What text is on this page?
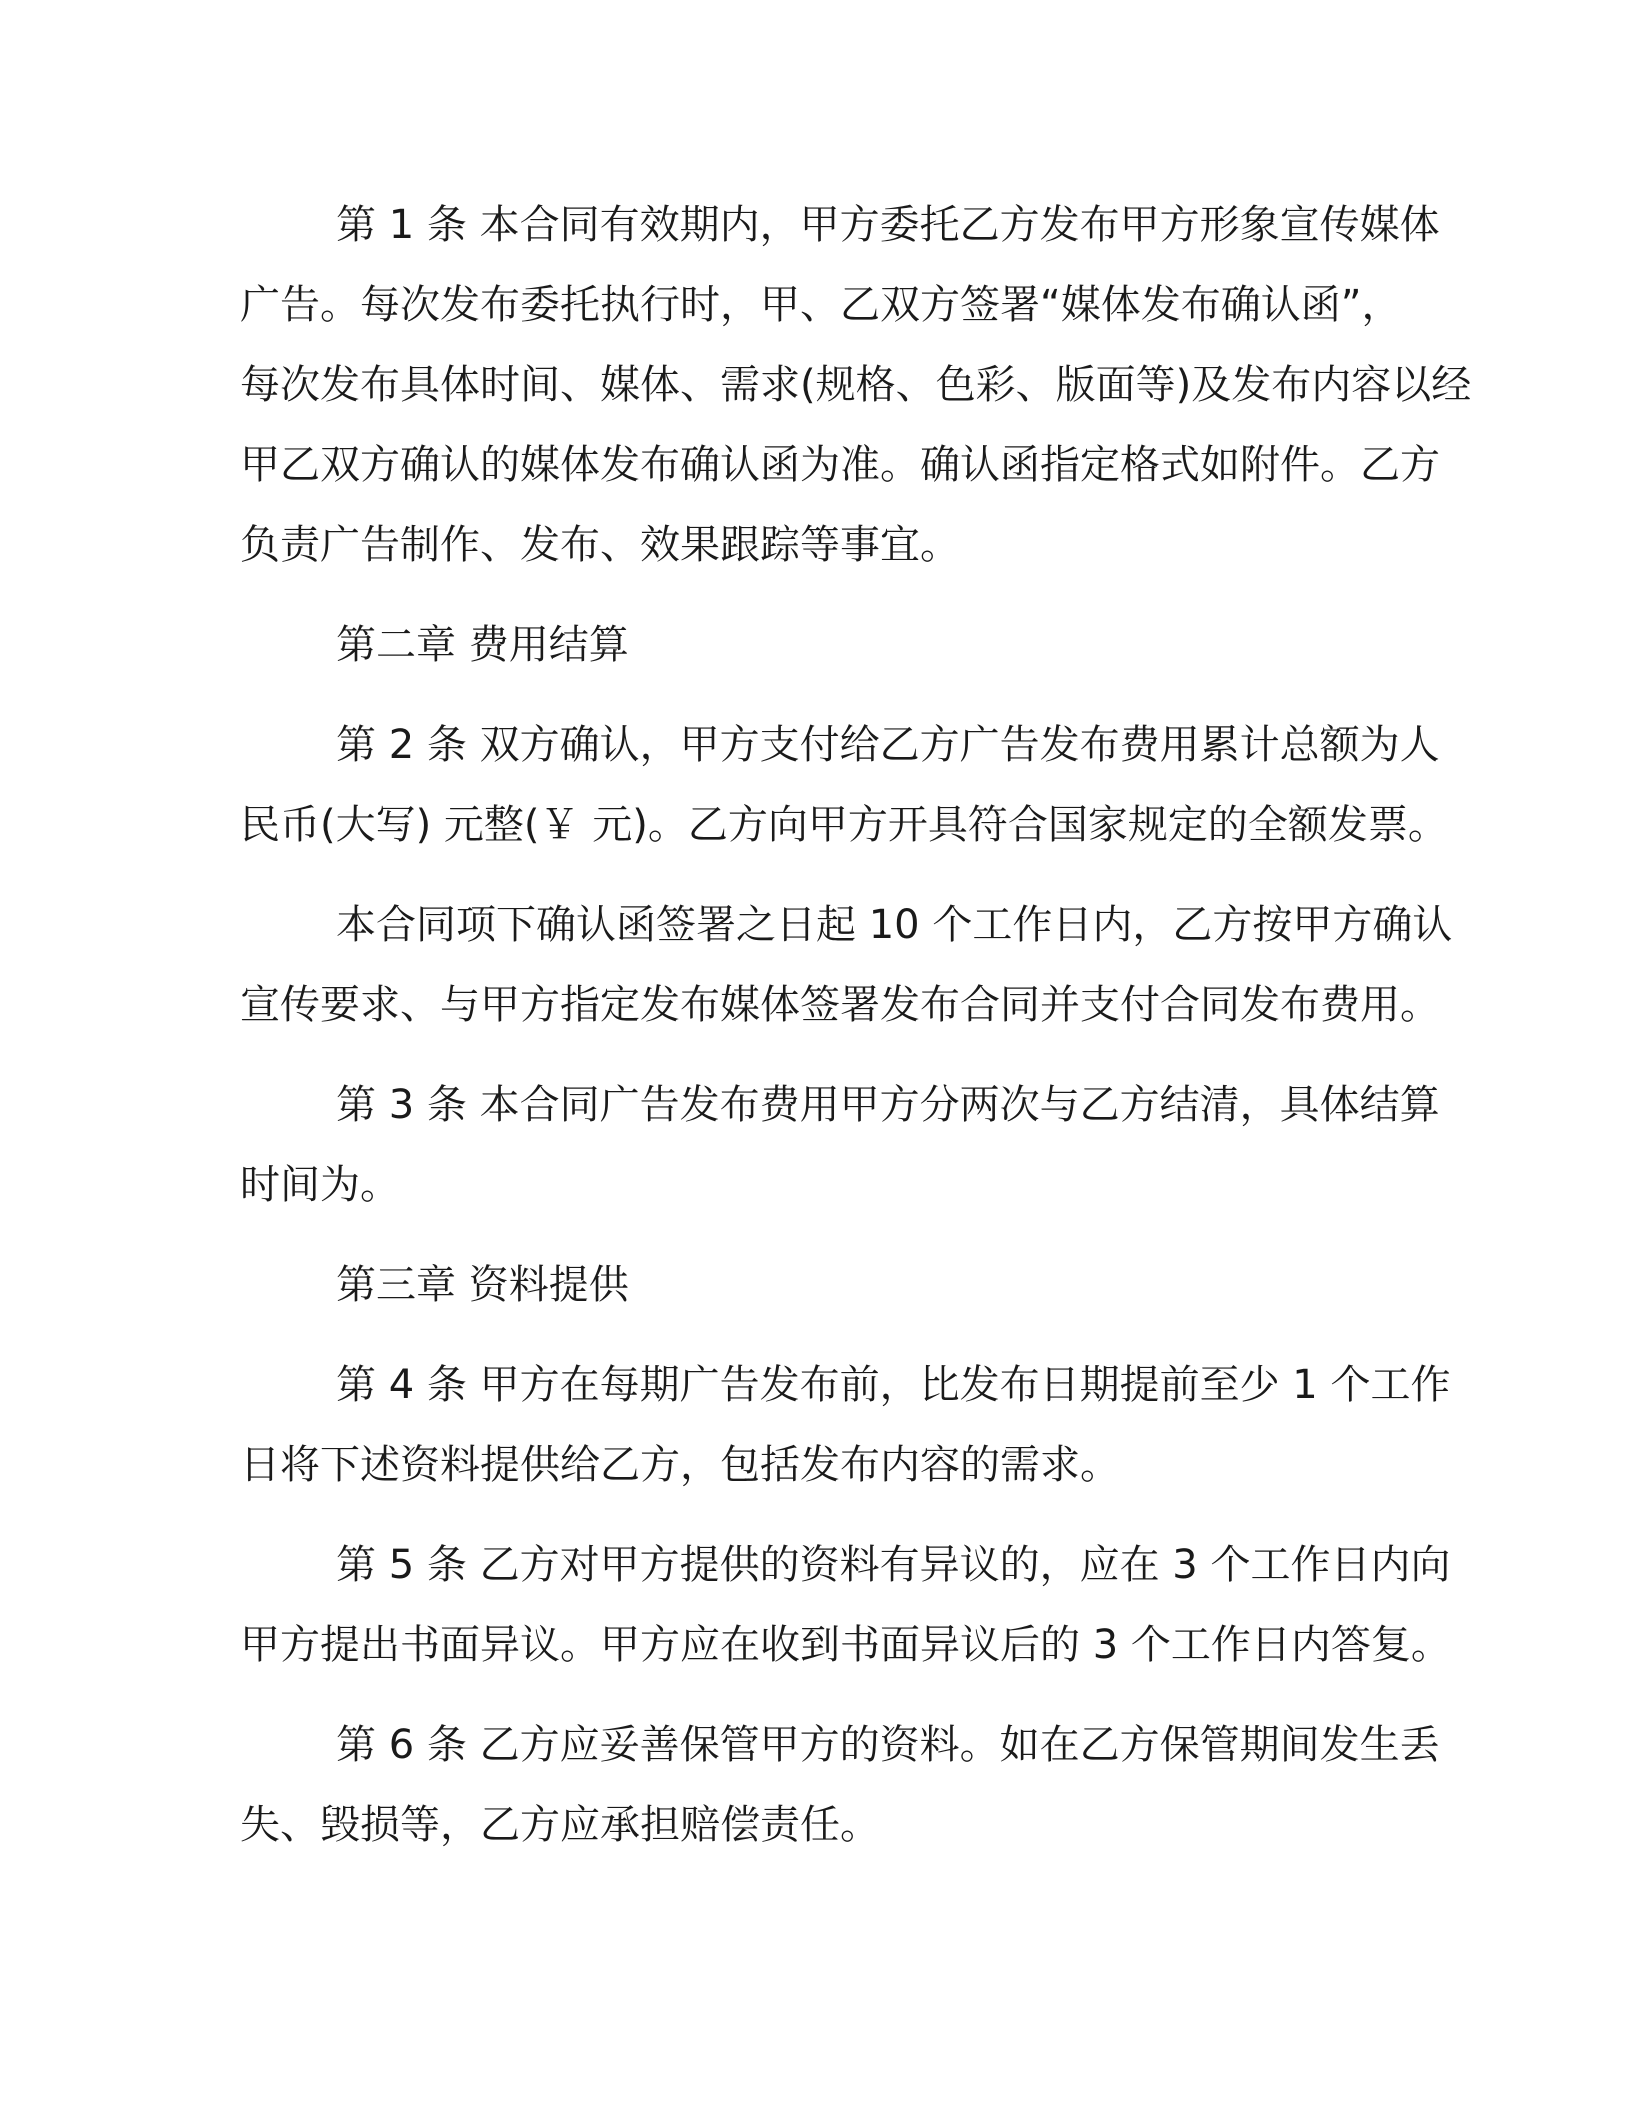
第 1 条 本合同有效期内，甲方委托乙方发布甲方形象宣传媒体
广告。每次发布委托执行时，甲、乙双方签署“媒体发布确认函”，
每次发布具体时间、媒体、需求(规格、色彩、版面等)及发布内容以经
甲乙双方确认的媒体发布确认函为准。确认函指定格式如附件。乙方
负责广告制作、发布、效果跟踪等事宜。

第二章 费用结算

第 2 条 双方确认，甲方支付给乙方广告发布费用累计总额为人
民币(大写) 元整(￥ 元)。乙方向甲方开具符合国家规定的全额发票。

本合同项下确认函签署之日起 10 个工作日内，乙方按甲方确认
宣传要求、与甲方指定发布媒体签署发布合同并支付合同发布费用。

第 3 条 本合同广告发布费用甲方分两次与乙方结清，具体结算
时间为。

第三章 资料提供

第 4 条 甲方在每期广告发布前，比发布日期提前至少 1 个工作
日将下述资料提供给乙方，包括发布内容的需求。

第 5 条 乙方对甲方提供的资料有异议的，应在 3 个工作日内向
甲方提出书面异议。甲方应在收到书面异议后的 3 个工作日内答复。

第 6 条 乙方应妥善保管甲方的资料。如在乙方保管期间发生丢
失、毁损等，乙方应承担赔偿责任。
